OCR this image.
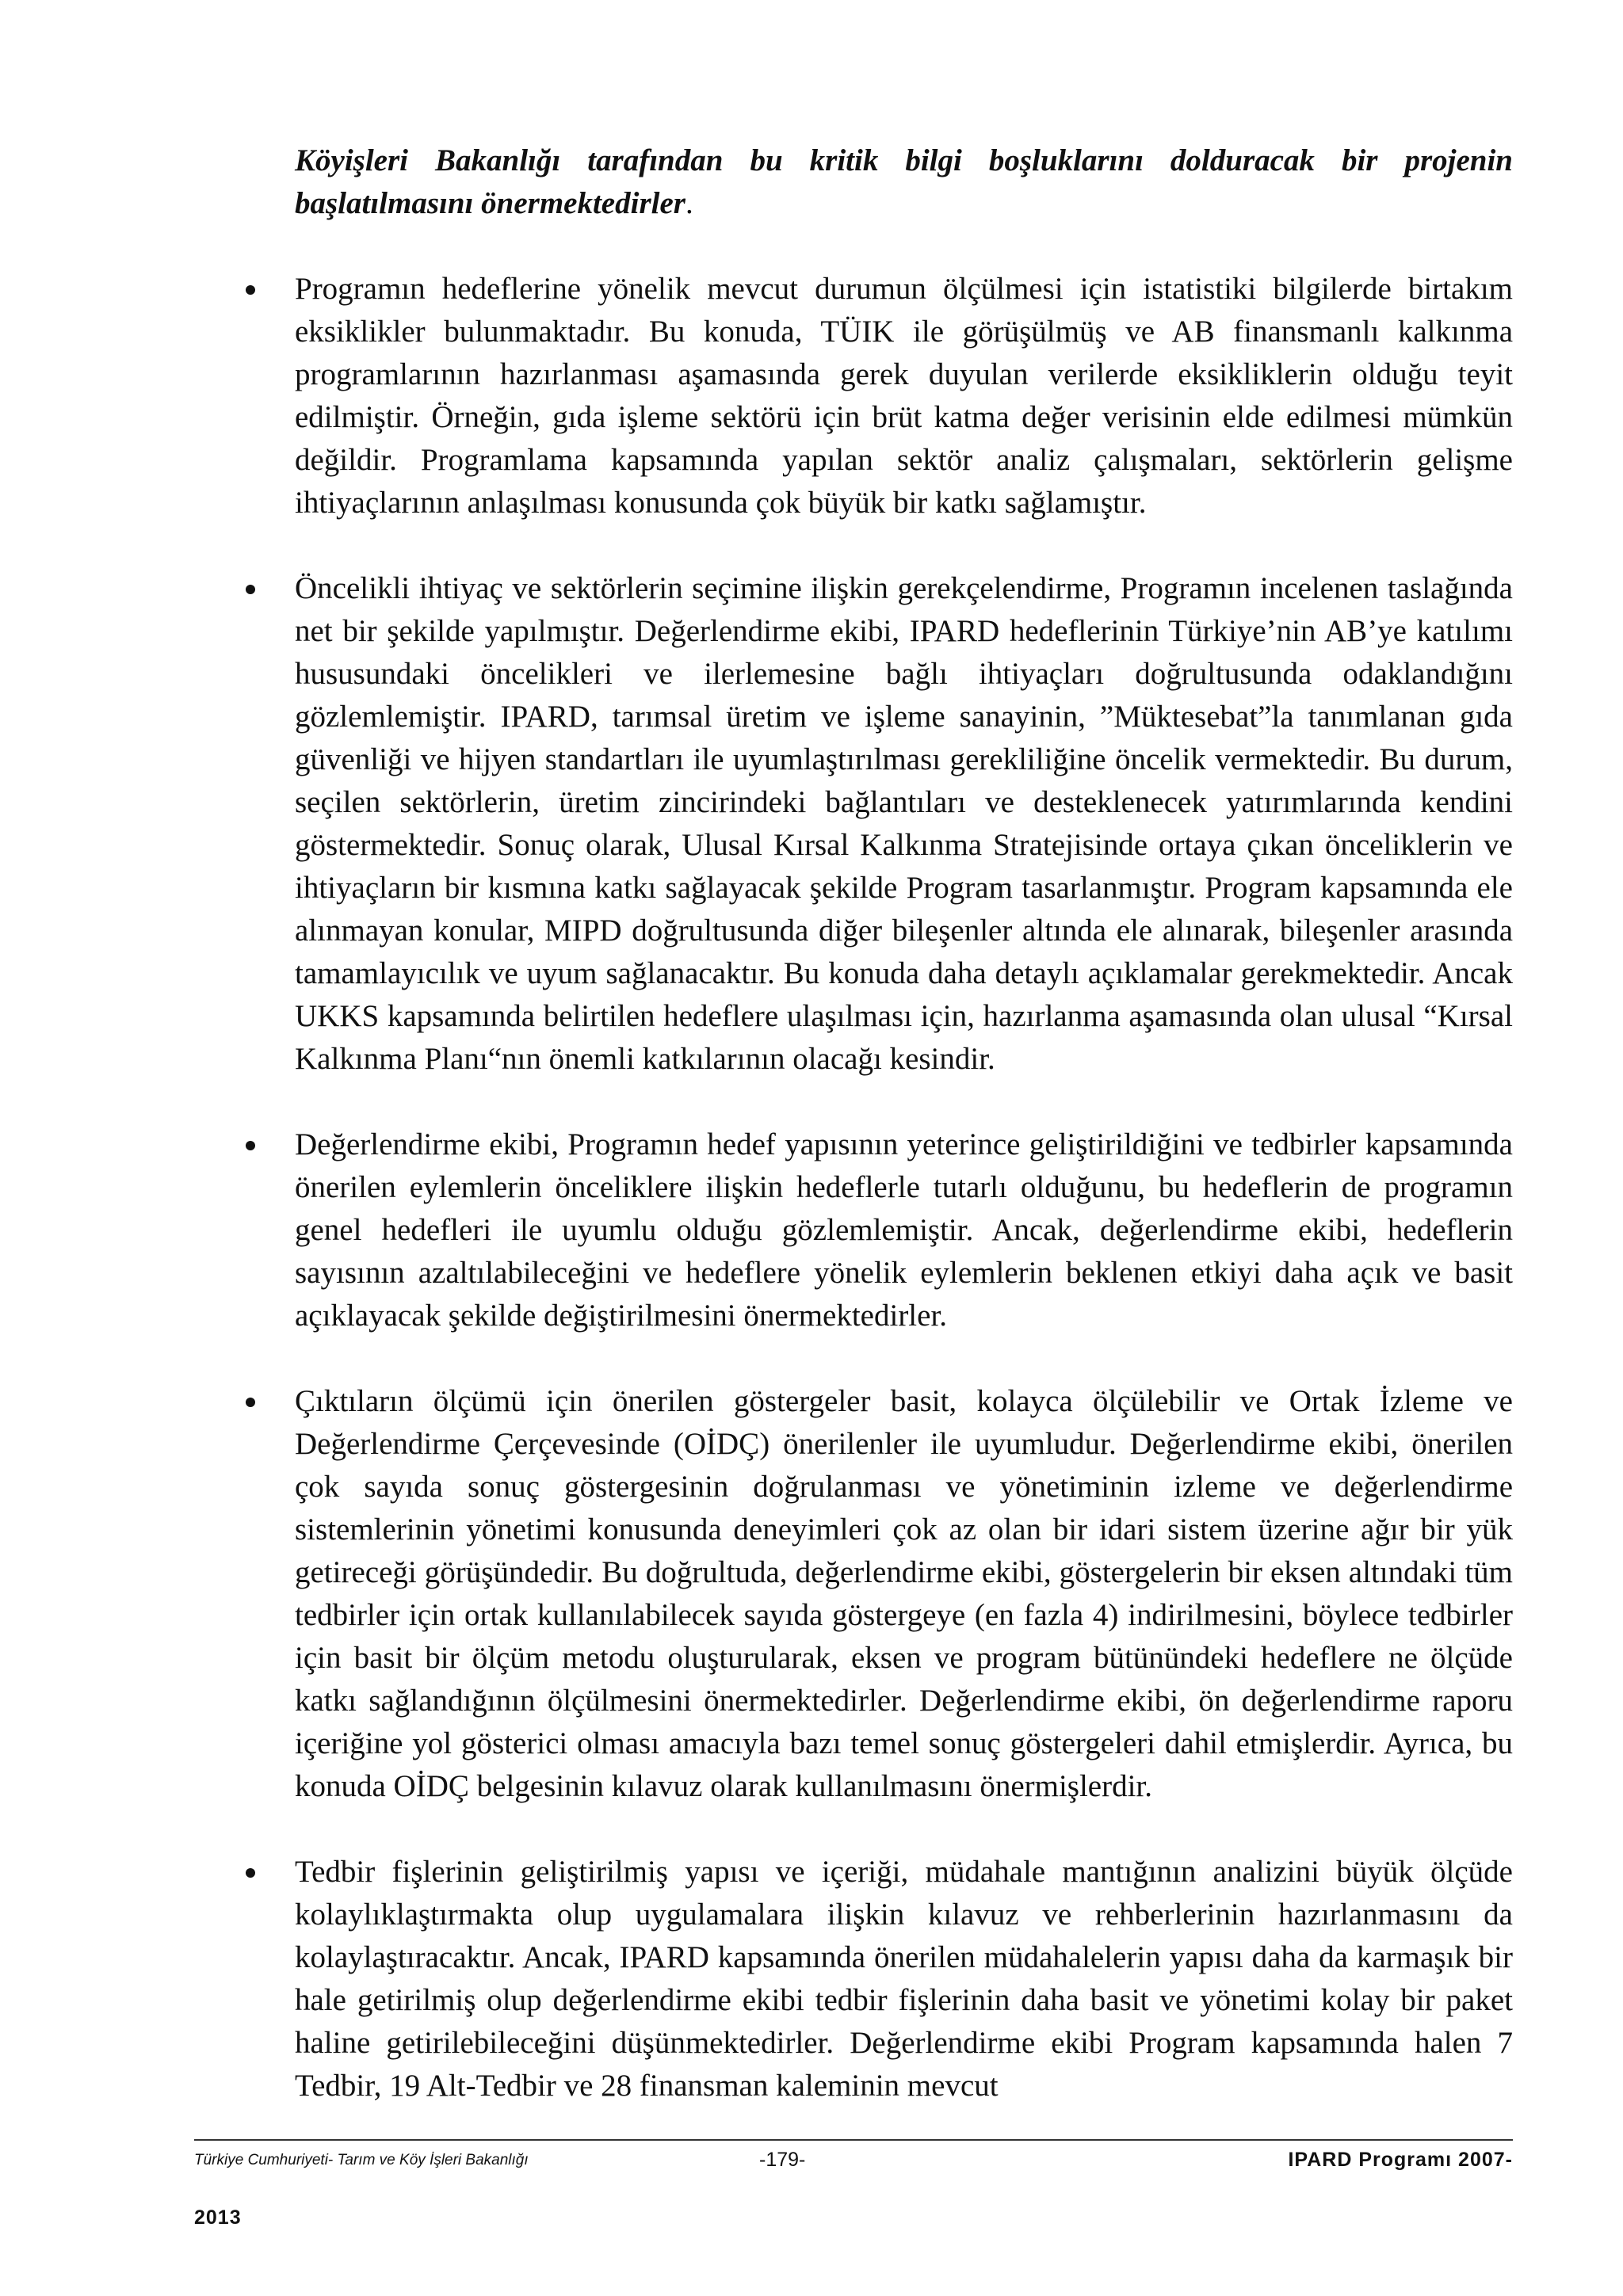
Köyişleri Bakanlığı tarafından bu kritik bilgi boşluklarını dolduracak bir projenin başlatılmasını önermektedirler.

Programın hedeflerine yönelik mevcut durumun ölçülmesi için istatistiki bilgilerde birtakım eksiklikler bulunmaktadır. Bu konuda, TÜIK ile görüşülmüş ve AB finansmanlı kalkınma programlarının hazırlanması aşamasında gerek duyulan verilerde eksikliklerin olduğu teyit edilmiştir. Örneğin, gıda işleme sektörü için brüt katma değer verisinin elde edilmesi mümkün değildir. Programlama kapsamında yapılan sektör analiz çalışmaları, sektörlerin gelişme ihtiyaçlarının anlaşılması konusunda çok büyük bir katkı sağlamıştır.
Öncelikli ihtiyaç ve sektörlerin seçimine ilişkin gerekçelendirme, Programın incelenen taslağında net bir şekilde yapılmıştır. Değerlendirme ekibi, IPARD hedeflerinin Türkiye’nin AB’ye katılımı hususundaki öncelikleri ve ilerlemesine bağlı ihtiyaçları doğrultusunda odaklandığını gözlemlemiştir. IPARD, tarımsal üretim ve işleme sanayinin, ”Müktesebat”la tanımlanan gıda güvenliği ve hijyen standartları ile uyumlaştırılması gerekliliğine öncelik vermektedir. Bu durum, seçilen sektörlerin, üretim zincirindeki bağlantıları ve desteklenecek yatırımlarında kendini göstermektedir. Sonuç olarak, Ulusal Kırsal Kalkınma Stratejisinde ortaya çıkan önceliklerin ve ihtiyaçların bir kısmına katkı sağlayacak şekilde Program tasarlanmıştır. Program kapsamında ele alınmayan konular, MIPD doğrultusunda diğer bileşenler altında ele alınarak, bileşenler arasında tamamlayıcılık ve uyum sağlanacaktır. Bu konuda daha detaylı açıklamalar gerekmektedir. Ancak UKKS kapsamında belirtilen hedeflere ulaşılması için, hazırlanma aşamasında olan ulusal “Kırsal Kalkınma Planı“nın önemli katkılarının olacağı kesindir.
Değerlendirme ekibi, Programın hedef yapısının yeterince geliştirildiğini ve tedbirler kapsamında önerilen eylemlerin önceliklere ilişkin hedeflerle tutarlı olduğunu, bu hedeflerin de programın genel hedefleri ile uyumlu olduğu gözlemlemiştir. Ancak, değerlendirme ekibi, hedeflerin sayısının azaltılabileceğini ve hedeflere yönelik eylemlerin beklenen etkiyi daha açık ve basit açıklayacak şekilde değiştirilmesini önermektedirler.
Çıktıların ölçümü için önerilen göstergeler basit, kolayca ölçülebilir ve Ortak İzleme ve Değerlendirme Çerçevesinde (OİDÇ) önerilenler ile uyumludur. Değerlendirme ekibi, önerilen çok sayıda sonuç göstergesinin doğrulanması ve yönetiminin izleme ve değerlendirme sistemlerinin yönetimi konusunda deneyimleri çok az olan bir idari sistem üzerine ağır bir yük getireceği görüşündedir. Bu doğrultuda, değerlendirme ekibi, göstergelerin bir eksen altındaki tüm tedbirler için ortak kullanılabilecek sayıda göstergeye (en fazla 4) indirilmesini, böylece tedbirler için basit bir ölçüm metodu oluşturularak, eksen ve program bütünündeki hedeflere ne ölçüde katkı sağlandığının ölçülmesini önermektedirler. Değerlendirme ekibi, ön değerlendirme raporu içeriğine yol gösterici olması amacıyla bazı temel sonuç göstergeleri dahil etmişlerdir. Ayrıca, bu konuda OİDÇ belgesinin kılavuz olarak kullanılmasını önermişlerdir.
Tedbir fişlerinin geliştirilmiş yapısı ve içeriği, müdahale mantığının analizini büyük ölçüde kolaylıklaştırmakta olup uygulamalara ilişkin kılavuz ve rehberlerinin hazırlanmasını da kolaylaştıracaktır. Ancak, IPARD kapsamında önerilen müdahalelerin yapısı daha da karmaşık bir hale getirilmiş olup değerlendirme ekibi tedbir fişlerinin daha basit ve yönetimi kolay bir paket haline getirilebileceğini düşünmektedirler. Değerlendirme ekibi Program kapsamında halen 7 Tedbir, 19 Alt-Tedbir ve 28 finansman kaleminin mevcut
Türkiye Cumhuriyeti- Tarım ve Köy İşleri Bakanlığı	-179-	IPARD Programı 2007-
2013
